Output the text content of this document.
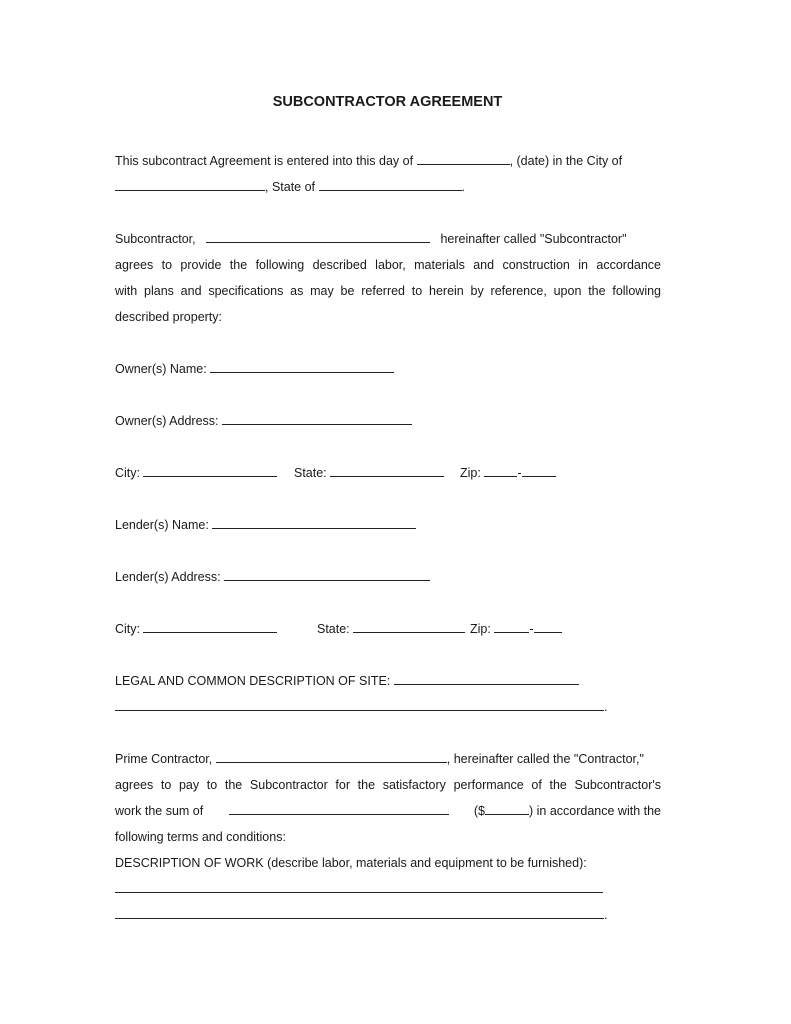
SUBCONTRACTOR AGREEMENT
This subcontract Agreement is entered into this day of	, (date) in the City of
, State of	.
Subcontractor,	hereinafter called "Subcontractor"
agrees to provide the following described labor, materials and construction in accordance
with plans and specifications as may be referred to herein by reference, upon the following
described property:
Owner(s) Name:
Owner(s) Address:
City:	State:	Zip:	-
Lender(s) Name:
Lender(s) Address:
City:	State:	Zip:	-
LEGAL AND COMMON DESCRIPTION OF SITE:
.
Prime Contractor,	, hereinafter called the "Contractor,"
agrees to pay to the Subcontractor for the satisfactory performance of the Subcontractor's
work the sum of	($	) in accordance with the
following terms and conditions:
DESCRIPTION OF WORK (describe labor, materials and equipment to be furnished):
.
